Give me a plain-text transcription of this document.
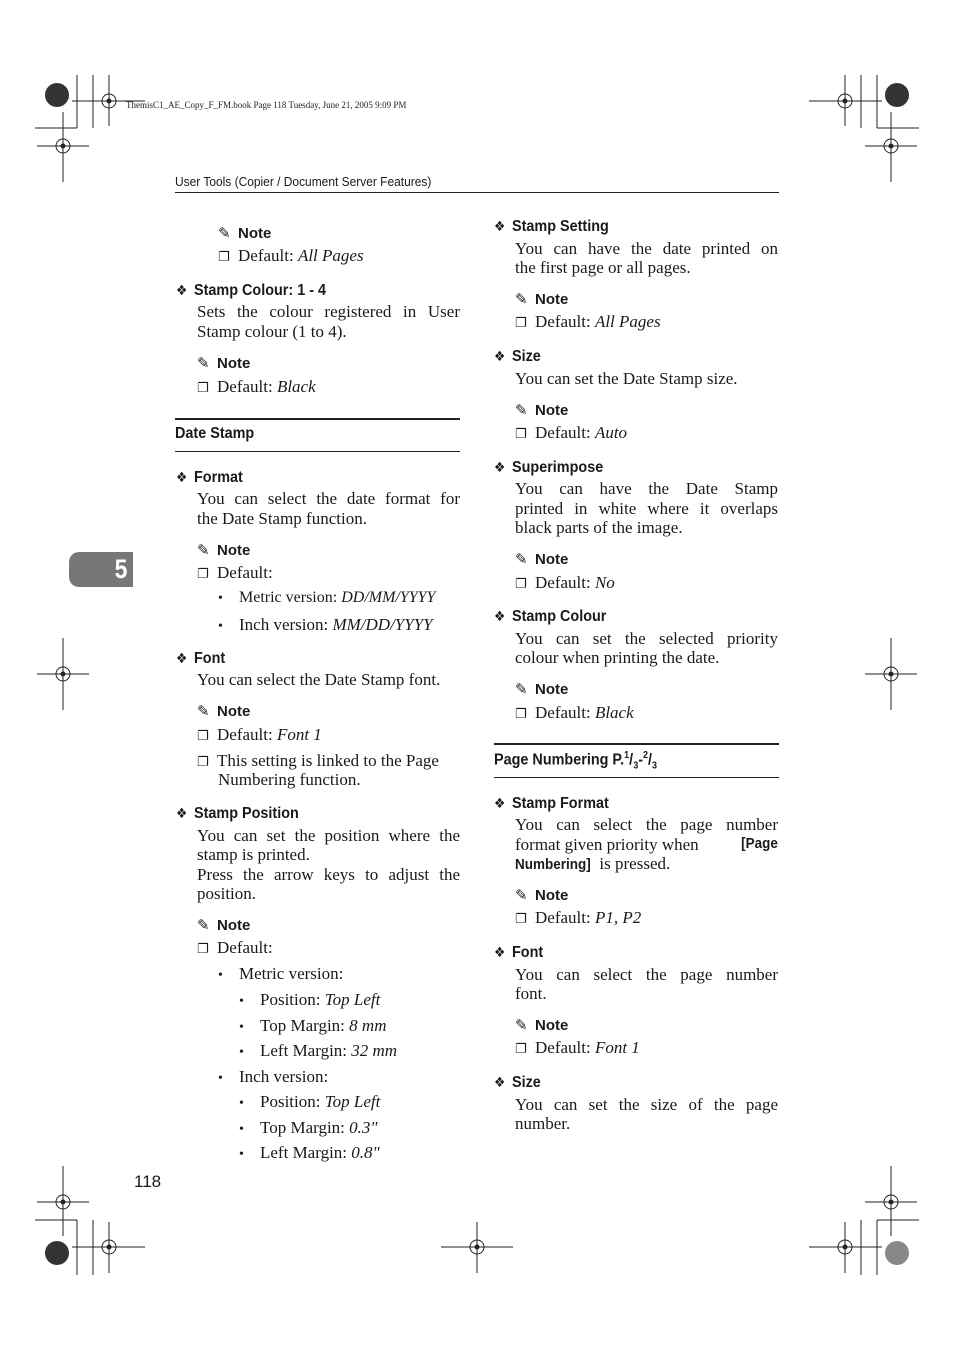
ThemisC1_AE_Copy_F_FM.book Page 118 Tuesday, June 21, 2005 9:09 PM
User Tools (Copier / Document Server Features)
5
✎ Note
❐ Default: All Pages
❖ Stamp Colour: 1 - 4
Sets the colour registered in User
Stamp colour (1 to 4).
✎ Note
❐ Default: Black
Date Stamp
❖ Format
You can select the date format for
the Date Stamp function.
✎ Note
❐ Default:
• Metric version: DD/MM/YYYY
• Inch version: MM/DD/YYYY
❖ Font
You can select the Date Stamp font.
✎ Note
❐ Default: Font 1
❐ This setting is linked to the Page
Numbering function.
❖ Stamp Position
You can set the position where the
stamp is printed.
Press the arrow keys to adjust the
position.
✎ Note
❐ Default:
• Metric version:
• Position: Top Left
• Top Margin: 8 mm
• Left Margin: 32 mm
• Inch version:
• Position: Top Left
• Top Margin: 0.3"
• Left Margin: 0.8"
118
❖ Stamp Setting
You can have the date printed on
the first page or all pages.
✎ Note
❐ Default: All Pages
❖ Size
You can set the Date Stamp size.
✎ Note
❐ Default: Auto
❖ Superimpose
You can have the Date Stamp
printed in white where it overlaps
black parts of the image.
✎ Note
❐ Default: No
❖ Stamp Colour
You can set the selected priority
colour when printing the date.
✎ Note
❐ Default: Black
Page Numbering $P.^1/_3-^2/_3$
❖ Stamp Format
You can select the page number
format given priority when	[Page
Numbering] is pressed.
✎ Note
❐ Default: P1, P2
❖ Font
You can select the page number
font.
✎ Note
❐ Default: Font 1
❖ Size
You can set the size of the page
number.
